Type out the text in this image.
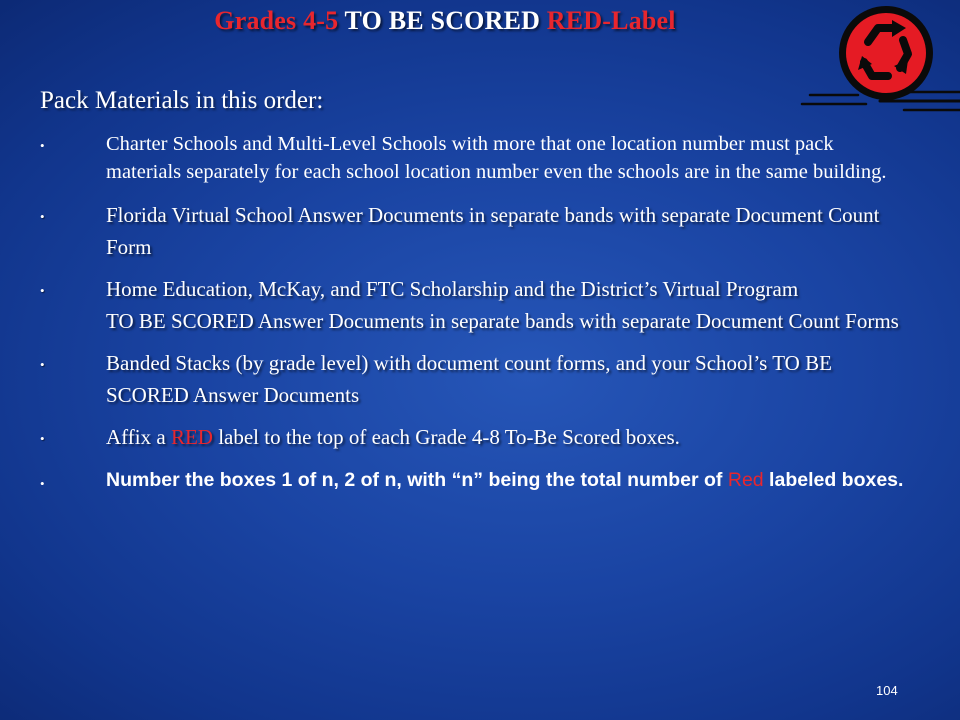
Grades 4-5 TO BE SCORED RED-Label
Pack Materials in this order:
•	Charter Schools and Multi-Level Schools with more that one location number must pack materials separately for each school location number even the schools are in the same building.
•	Florida Virtual School Answer Documents in separate bands with separate Document Count Form
•	Home Education, McKay, and FTC Scholarship and the District’s Virtual Program
TO BE SCORED Answer Documents in separate bands with separate Document Count Forms
•	Banded Stacks (by grade level) with document count forms, and your School’s TO BE SCORED Answer Documents
•	Affix a RED label to the top of each Grade 4-8 To-Be Scored boxes.
•	Number the boxes 1 of n, 2 of n, with “n” being the total number of Red labeled boxes.
104
